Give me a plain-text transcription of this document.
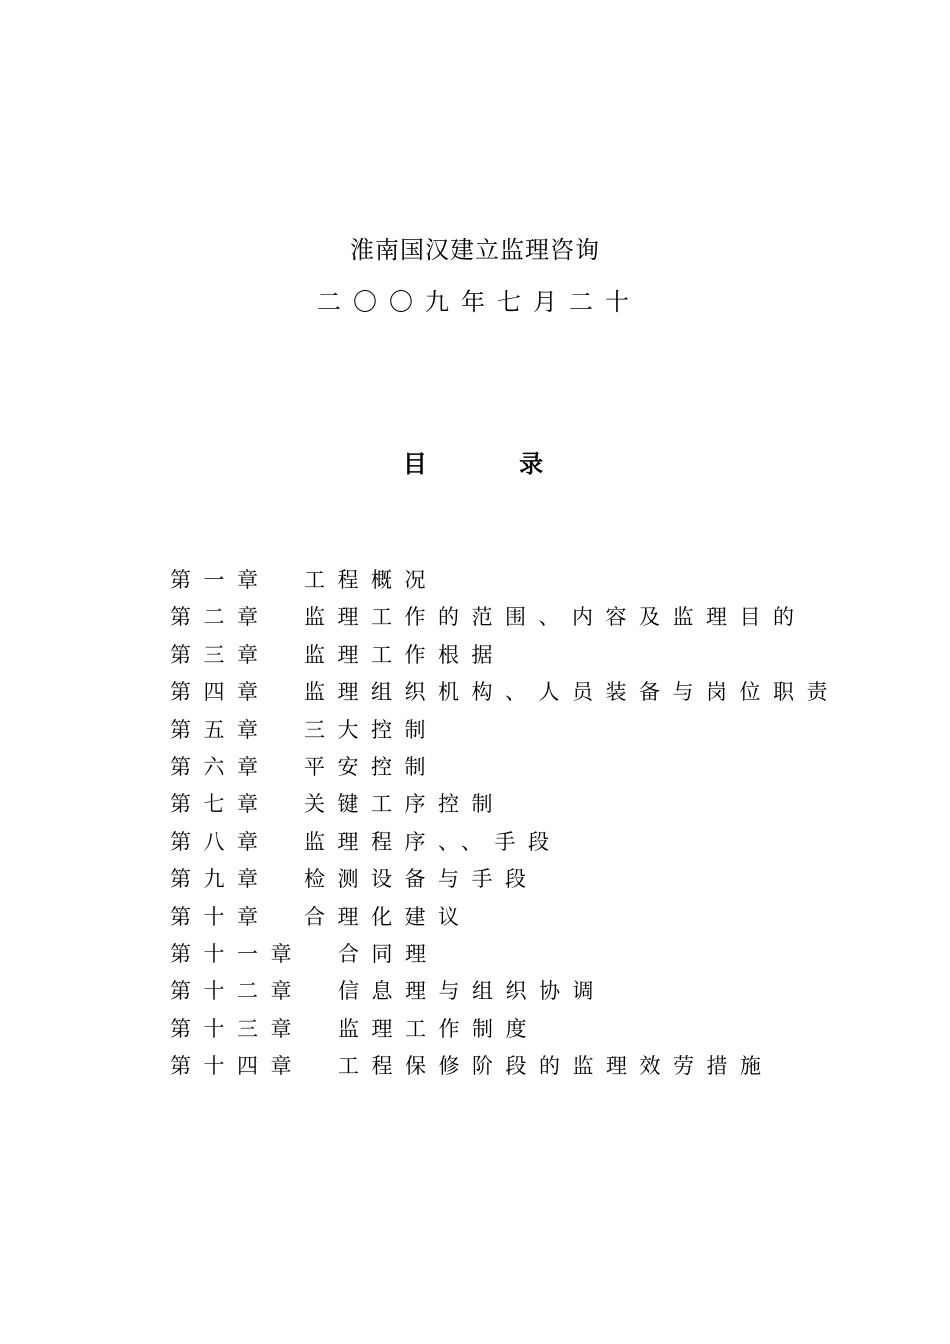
淮南国汉建立监理咨询
二〇〇九年七月二十
目 录
第一章 工程概况
第二章 监理工作的范围、内容及监理目的
第三章 监理工作根据
第四章 监理组织机构、人员装备与岗位职责
第五章 三大控制
第六章 平安控制
第七章 关键工序控制
第八章 监理程序、、手段
第九章 检测设备与手段
第十章 合理化建议
第十一章 合同理
第十二章 信息理与组织协调
第十三章 监理工作制度
第十四章 工程保修阶段的监理效劳措施
